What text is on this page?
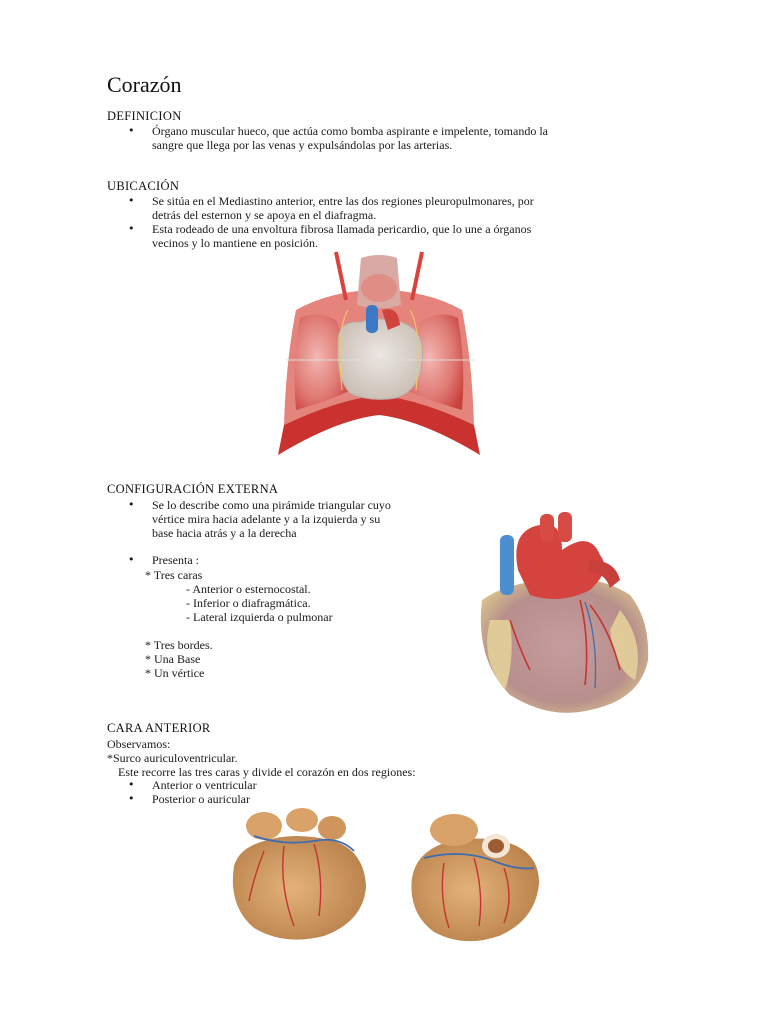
Corazón
DEFINICION
• Órgano muscular hueco, que actúa como bomba aspirante e impelente, tomando la
sangre que llega por las venas y expulsándolas por las arterias.
UBICACIÓN
• Se sitúa en el Mediastino anterior, entre las dos regiones pleuropulmonares, por
detrás del esternon y se apoya en el diafragma.
• Esta rodeado de una envoltura fibrosa llamada pericardio, que lo une a órganos
vecinos y lo mantiene en posición.
CONFIGURACIÓN EXTERNA
• Se lo describe como una pirámide triangular cuyo
vértice mira hacia adelante y a la izquierda y su
base hacia atrás y a la derecha
• Presenta :
* Tres caras
- Anterior o esternocostal.
- Inferior o diafragmática.
- Lateral izquierda o pulmonar
* Tres bordes.
* Una Base
* Un vértice
CARA ANTERIOR
Observamos:
*Surco auriculoventricular.
Este recorre las tres caras y divide el corazón en dos regiones:
• Anterior o ventricular
• Posterior o auricular
